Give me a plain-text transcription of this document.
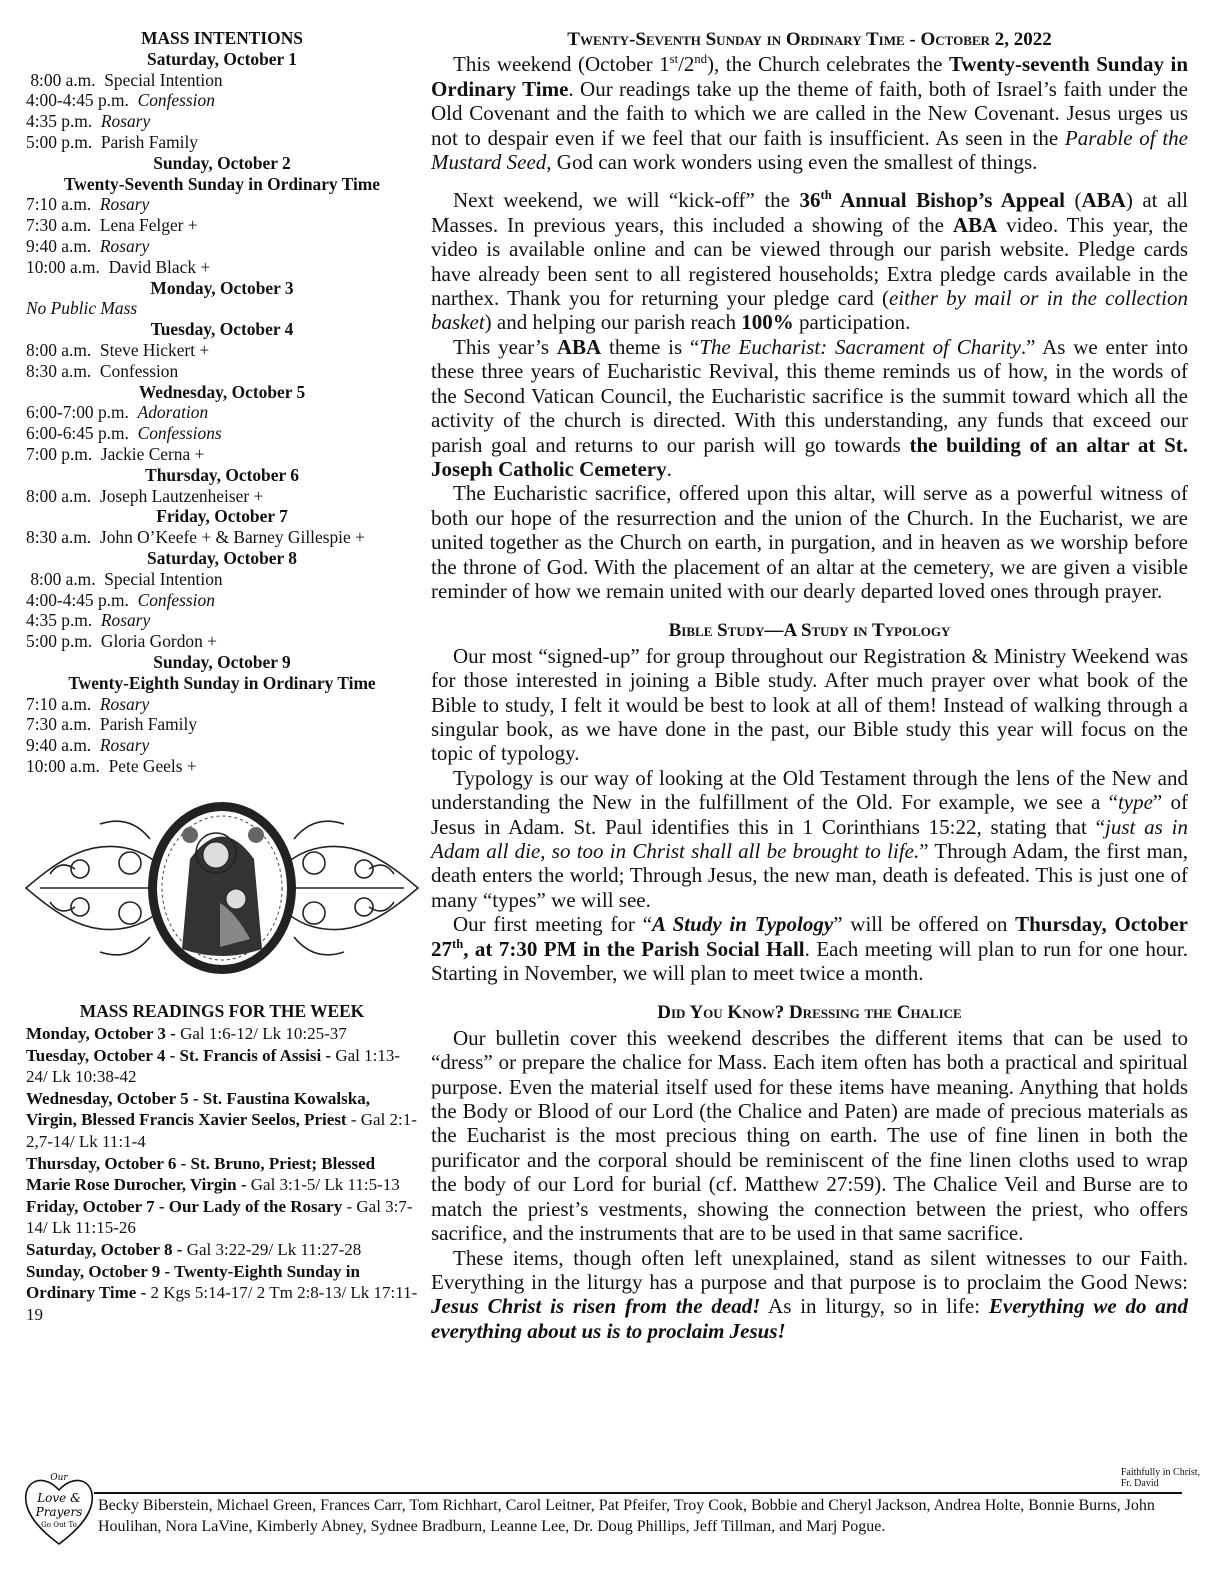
MASS INTENTIONS
Saturday, October 1
8:00 a.m. Special Intention
4:00-4:45 p.m. Confession
4:35 p.m. Rosary
5:00 p.m. Parish Family
Sunday, October 2
Twenty-Seventh Sunday in Ordinary Time
7:10 a.m. Rosary
7:30 a.m. Lena Felger +
9:40 a.m. Rosary
10:00 a.m. David Black +
Monday, October 3
No Public Mass
Tuesday, October 4
8:00 a.m. Steve Hickert +
8:30 a.m. Confession
Wednesday, October 5
6:00-7:00 p.m. Adoration
6:00-6:45 p.m. Confessions
7:00 p.m. Jackie Cerna +
Thursday, October 6
8:00 a.m. Joseph Lautzenheiser +
Friday, October 7
8:30 a.m. John O’Keefe + & Barney Gillespie +
Saturday, October 8
8:00 a.m. Special Intention
4:00-4:45 p.m. Confession
4:35 p.m. Rosary
5:00 p.m. Gloria Gordon +
Sunday, October 9
Twenty-Eighth Sunday in Ordinary Time
7:10 a.m. Rosary
7:30 a.m. Parish Family
9:40 a.m. Rosary
10:00 a.m. Pete Geels +
MASS READINGS FOR THE WEEK
Monday, October 3 - Gal 1:6-12/ Lk 10:25-37
Tuesday, October 4 - St. Francis of Assisi - Gal 1:13-24/ Lk 10:38-42
Wednesday, October 5 - St. Faustina Kowalska, Virgin, Blessed Francis Xavier Seelos, Priest - Gal 2:1-2,7-14/ Lk 11:1-4
Thursday, October 6 - St. Bruno, Priest; Blessed Marie Rose Durocher, Virgin - Gal 3:1-5/ Lk 11:5-13
Friday, October 7 - Our Lady of the Rosary - Gal 3:7-14/ Lk 11:15-26
Saturday, October 8 - Gal 3:22-29/ Lk 11:27-28
Sunday, October 9 - Twenty-Eighth Sunday in Ordinary Time - 2 Kgs 5:14-17/ 2 Tm 2:8-13/ Lk 17:11-19
Twenty-Seventh Sunday in Ordinary Time - October 2, 2022

This weekend (October 1st/2nd), the Church celebrates the Twenty-seventh Sunday in Ordinary Time. Our readings take up the theme of faith, both of Israel’s faith under the Old Covenant and the faith to which we are called in the New Covenant. Jesus urges us not to despair even if we feel that our faith is insufficient. As seen in the Parable of the Mustard Seed, God can work wonders using even the smallest of things.

Next weekend, we will “kick-off” the 36th Annual Bishop’s Appeal (ABA) at all Masses. In previous years, this included a showing of the ABA video. This year, the video is available online and can be viewed through our parish website. Pledge cards have already been sent to all registered households; Extra pledge cards available in the narthex. Thank you for returning your pledge card (either by mail or in the collection basket) and helping our parish reach 100% participation.

This year’s ABA theme is “The Eucharist: Sacrament of Charity.” As we enter into these three years of Eucharistic Revival, this theme reminds us of how, in the words of the Second Vatican Council, the Eucharistic sacrifice is the summit toward which all the activity of the church is directed. With this understanding, any funds that exceed our parish goal and returns to our parish will go towards the building of an altar at St. Joseph Catholic Cemetery.

The Eucharistic sacrifice, offered upon this altar, will serve as a powerful witness of both our hope of the resurrection and the union of the Church. In the Eucharist, we are united together as the Church on earth, in purgation, and in heaven as we worship before the throne of God. With the placement of an altar at the cemetery, we are given a visible reminder of how we remain united with our dearly departed loved ones through prayer.

Bible Study—A Study in Typology

Our most “signed-up” for group throughout our Registration & Ministry Weekend was for those interested in joining a Bible study. After much prayer over what book of the Bible to study, I felt it would be best to look at all of them! Instead of walking through a singular book, as we have done in the past, our Bible study this year will focus on the topic of typology.

Typology is our way of looking at the Old Testament through the lens of the New and understanding the New in the fulfillment of the Old. For example, we see a “type” of Jesus in Adam. St. Paul identifies this in 1 Corinthians 15:22, stating that “just as in Adam all die, so too in Christ shall all be brought to life.” Through Adam, the first man, death enters the world; Through Jesus, the new man, death is defeated. This is just one of many “types” we will see.

Our first meeting for “A Study in Typology” will be offered on Thursday, October 27th, at 7:30 PM in the Parish Social Hall. Each meeting will plan to run for one hour. Starting in November, we will plan to meet twice a month.

Did You Know? Dressing the Chalice

Our bulletin cover this weekend describes the different items that can be used to “dress” or prepare the chalice for Mass. Each item often has both a practical and spiritual purpose. Even the material itself used for these items have meaning. Anything that holds the Body or Blood of our Lord (the Chalice and Paten) are made of precious materials as the Eucharist is the most precious thing on earth. The use of fine linen in both the purificator and the corporal should be reminiscent of the fine linen cloths used to wrap the body of our Lord for burial (cf. Matthew 27:59). The Chalice Veil and Burse are to match the priest’s vestments, showing the connection between the priest, who offers sacrifice, and the instruments that are to be used in that same sacrifice.

These items, though often left unexplained, stand as silent witnesses to our Faith. Everything in the liturgy has a purpose and that purpose is to proclaim the Good News: Jesus Christ is risen from the dead! As in liturgy, so in life: Everything we do and everything about us is to proclaim Jesus!

Faithfully in Christ,
Fr. David
Our
Love &
Prayers
Go Out To
Becky Biberstein, Michael Green, Frances Carr, Tom Richhart, Carol Leitner, Pat Pfeifer, Troy Cook, Bobbie and Cheryl Jackson, Andrea Holte, Bonnie Burns, John Houlihan, Nora LaVine, Kimberly Abney, Sydnee Bradburn, Leanne Lee, Dr. Doug Phillips, Jeff Tillman, and Marj Pogue.
